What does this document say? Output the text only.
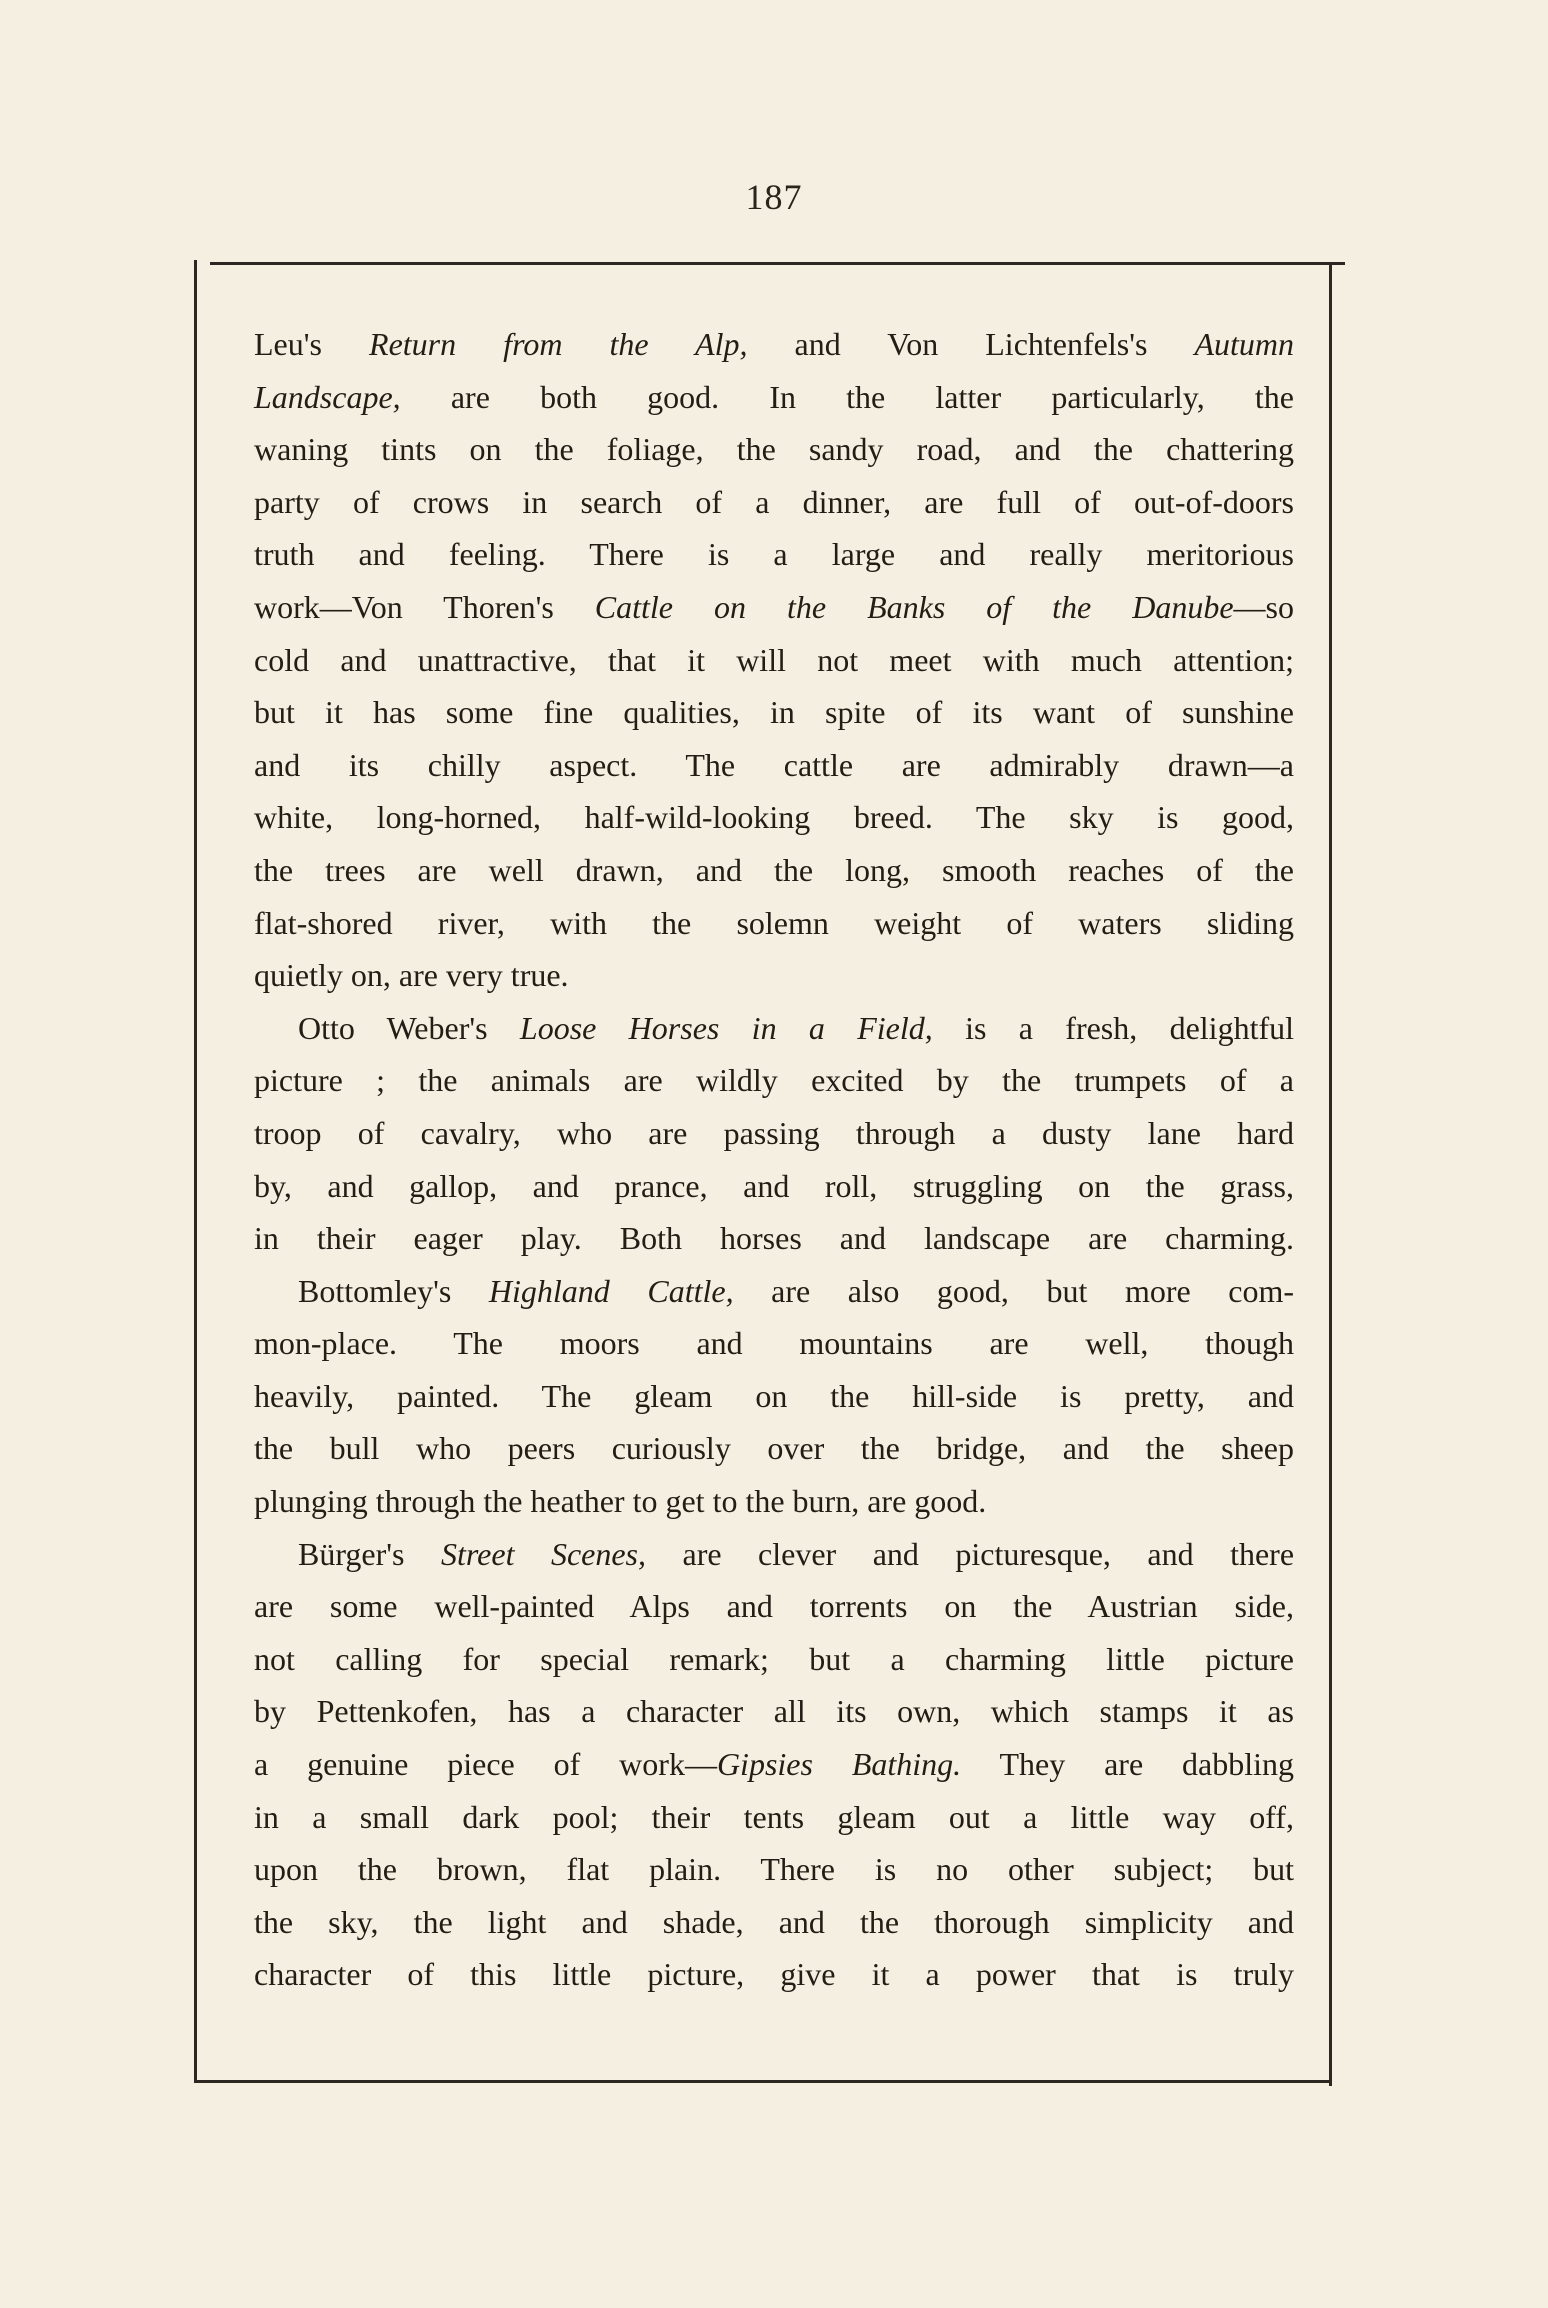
187
Leu's Return from the Alp, and Von Lichtenfels's Autumn
Landscape, are both good. In the latter particularly, the
waning tints on the foliage, the sandy road, and the chattering
party of crows in search of a dinner, are full of out-of-doors
truth and feeling. There is a large and really meritorious
work—Von Thoren's Cattle on the Banks of the Danube—so
cold and unattractive, that it will not meet with much attention;
but it has some fine qualities, in spite of its want of sunshine
and its chilly aspect. The cattle are admirably drawn—a
white, long-horned, half-wild-looking breed. The sky is good,
the trees are well drawn, and the long, smooth reaches of the
flat-shored river, with the solemn weight of waters sliding
quietly on, are very true.
Otto Weber's Loose Horses in a Field, is a fresh, delightful
picture ; the animals are wildly excited by the trumpets of a
troop of cavalry, who are passing through a dusty lane hard
by, and gallop, and prance, and roll, struggling on the grass,
in their eager play. Both horses and landscape are charming.
Bottomley's Highland Cattle, are also good, but more com-
mon-place. The moors and mountains are well, though
heavily, painted. The gleam on the hill-side is pretty, and
the bull who peers curiously over the bridge, and the sheep
plunging through the heather to get to the burn, are good.
Bürger's Street Scenes, are clever and picturesque, and there
are some well-painted Alps and torrents on the Austrian side,
not calling for special remark; but a charming little picture
by Pettenkofen, has a character all its own, which stamps it as
a genuine piece of work—Gipsies Bathing. They are dabbling
in a small dark pool; their tents gleam out a little way off,
upon the brown, flat plain. There is no other subject; but
the sky, the light and shade, and the thorough simplicity and
character of this little picture, give it a power that is truly
